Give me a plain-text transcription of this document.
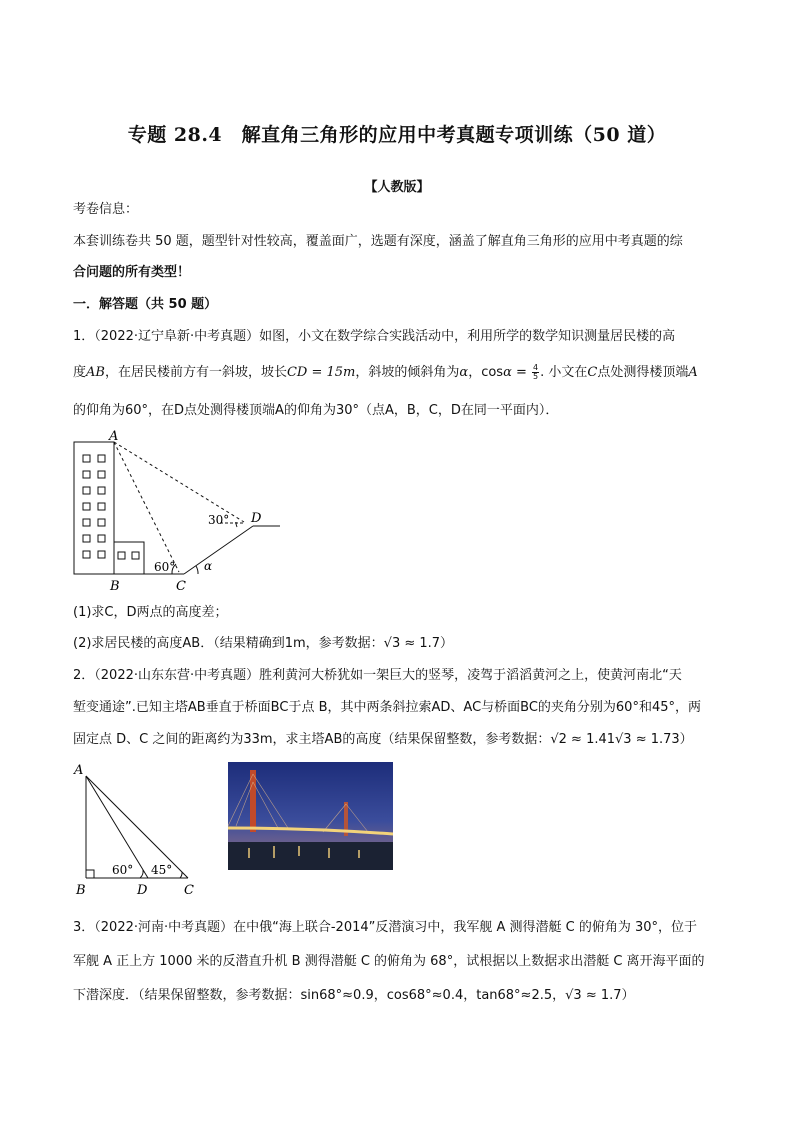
专题 28.4　解直角三角形的应用中考真题专项训练（50 道）
【人教版】
考卷信息：
本套训练卷共 50 题，题型针对性较高，覆盖面广，选题有深度，涵盖了解直角三角形的应用中考真题的综
合问题的所有类型！
一．解答题（共 50 题）
1．（2022·辽宁阜新·中考真题）如图，小文在数学综合实践活动中，利用所学的数学知识测量居民楼的高
度AB，在居民楼前方有一斜坡，坡长CD = 15m，斜坡的倾斜角为α，$\cos\alpha = \frac{4}{5}$ . 小文在C点处测得楼顶端A
的仰角为60°，在D点处测得楼顶端A的仰角为30°（点A，B，C，D在同一平面内）．
A
B	C
D
60°
30°
α
(1)求C，D两点的高度差；
(2)求居民楼的高度AB．（结果精确到1m，参考数据：√3 ≈ 1.7）
2．（2022·山东东营·中考真题）胜利黄河大桥犹如一架巨大的竖琴，凌驾于滔滔黄河之上，使黄河南北“天
堑变通途”.已知主塔AB垂直于桥面BC于点 B，其中两条斜拉索AD、AC与桥面BC的夹角分别为60°和45°，两
固定点 D、C 之间的距离约为33m，求主塔AB的高度（结果保留整数，参考数据：√2 ≈ 1.41√3 ≈ 1.73）
A
B	D	C
60° 45°
3．（2022·河南·中考真题）在中俄“海上联合-2014”反潜演习中，我军舰 A 测得潜艇 C 的俯角为 30°，位于
军舰 A 正上方 1000 米的反潜直升机 B 测得潜艇 C 的俯角为 68°，试根据以上数据求出潜艇 C 离开海平面的
下潜深度．（结果保留整数，参考数据：sin68°≈0.9，cos68°≈0.4，tan68°≈2.5，√3 ≈ 1.7）
